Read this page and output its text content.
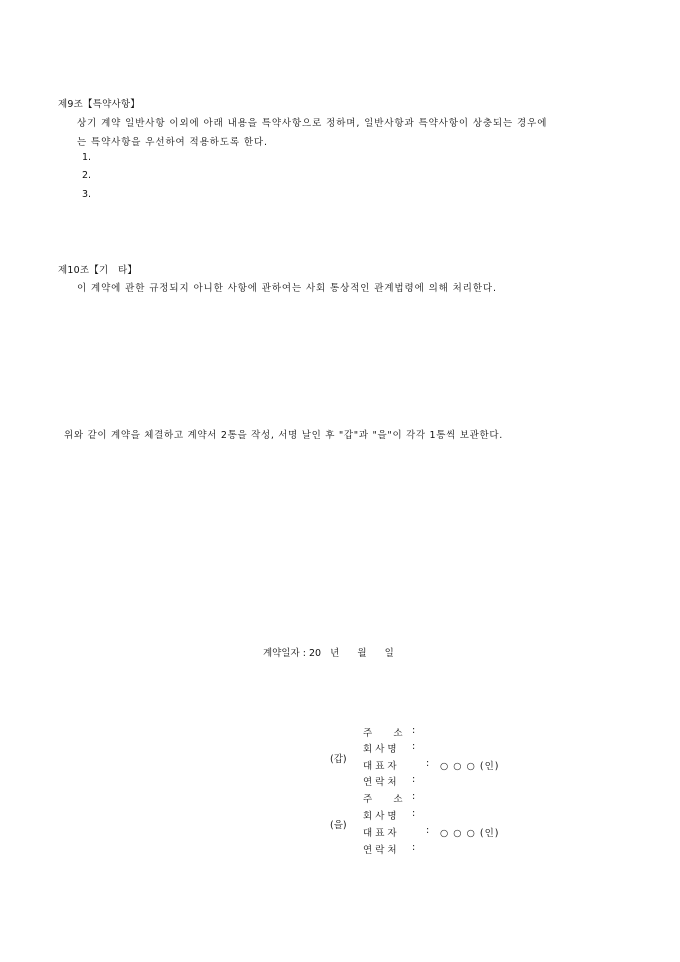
제9조【특약사항】
상기 계약 일반사항 이외에 아래 내용을 특약사항으로 정하며, 일반사항과 특약사항이 상충되는 경우에
는 특약사항을 우선하여 적용하도록 한다.
1.
2.
3.
제10조【기   타】
이 계약에 관한 규정되지 아니한 사항에 관하여는 사회 통상적인 관계법령에 의해 처리한다.
위와 같이 계약을 체결하고 계약서 2통을 작성, 서명 날인 후 "갑"과 "을"이 각각 1통씩 보관한다.
계약일자 : 20   년      월      일
(갑)
주       소 :
회 사 명 :
대 표 자	: ○ ○ ○ (인)
연 락 처 :
(을)
주       소 :
회 사 명 :
대 표 자	: ○ ○ ○ (인)
연 락 처 :
